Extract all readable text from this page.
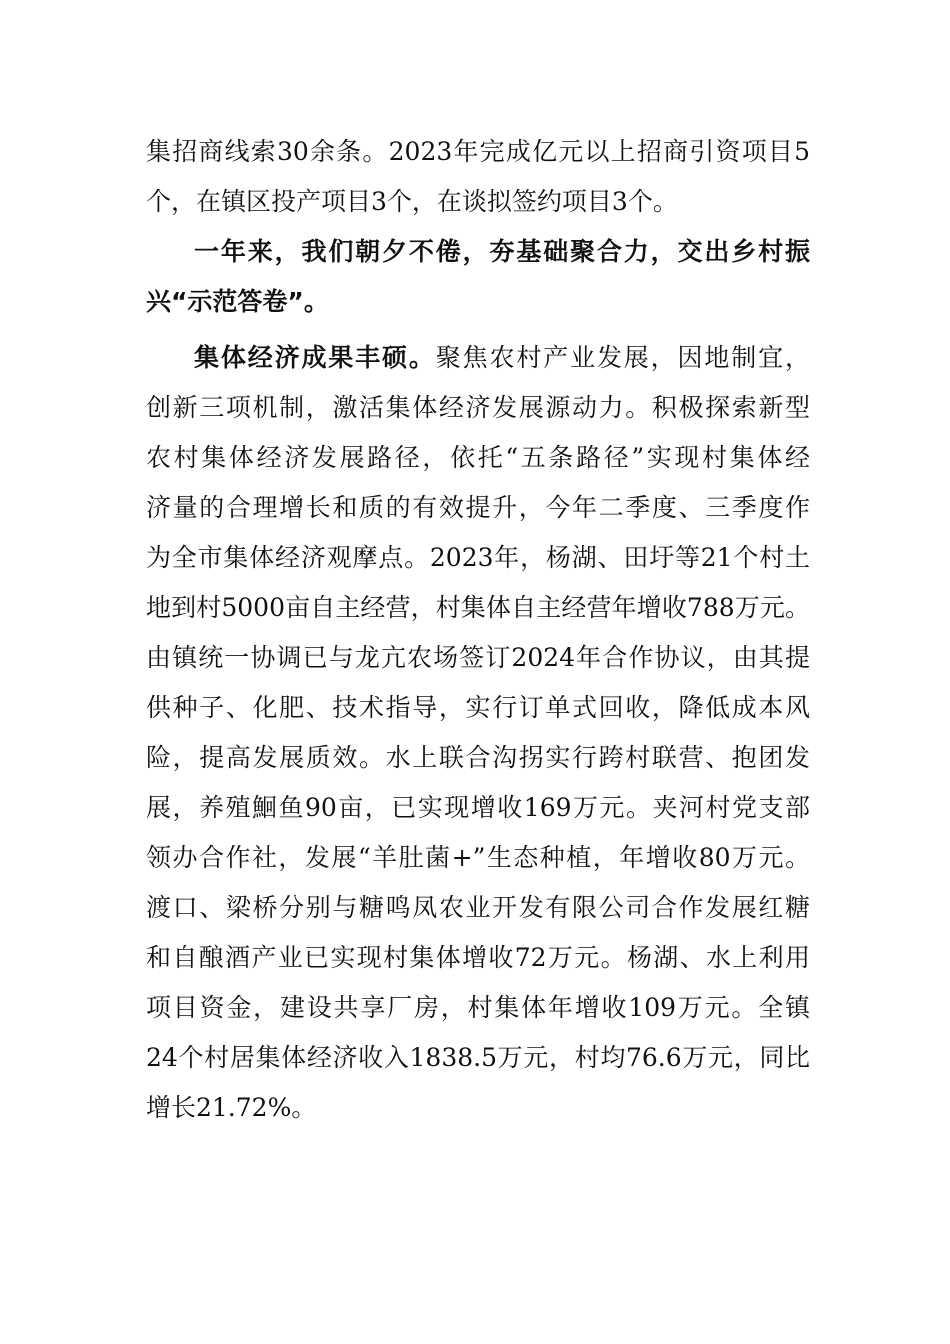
集招商线索30余条。2023年完成亿元以上招商引资项目5
个，在镇区投产项目3个，在谈拟签约项目3个。
一年来，我们朝夕不倦，夯基础聚合力，交出乡村振
兴“示范答卷”。
集体经济成果丰硕。聚焦农村产业发展，因地制宜，
创新三项机制，激活集体经济发展源动力。积极探索新型
农村集体经济发展路径，依托“五条路径”实现村集体经
济量的合理增长和质的有效提升，今年二季度、三季度作
为全市集体经济观摩点。2023年，杨湖、田圩等21个村土
地到村5000亩自主经营，村集体自主经营年增收788万元。
由镇统一协调已与龙亢农场签订2024年合作协议，由其提
供种子、化肥、技术指导，实行订单式回收，降低成本风
险，提高发展质效。水上联合沟拐实行跨村联营、抱团发
展，养殖鮰鱼90亩，已实现增收169万元。夹河村党支部
领办合作社，发展“羊肚菌+”生态种植，年增收80万元。
渡口、梁桥分别与糖鸣凤农业开发有限公司合作发展红糖
和自酿酒产业已实现村集体增收72万元。杨湖、水上利用
项目资金，建设共享厂房，村集体年增收109万元。全镇
24个村居集体经济收入1838.5万元，村均76.6万元，同比
增长21.72%。
